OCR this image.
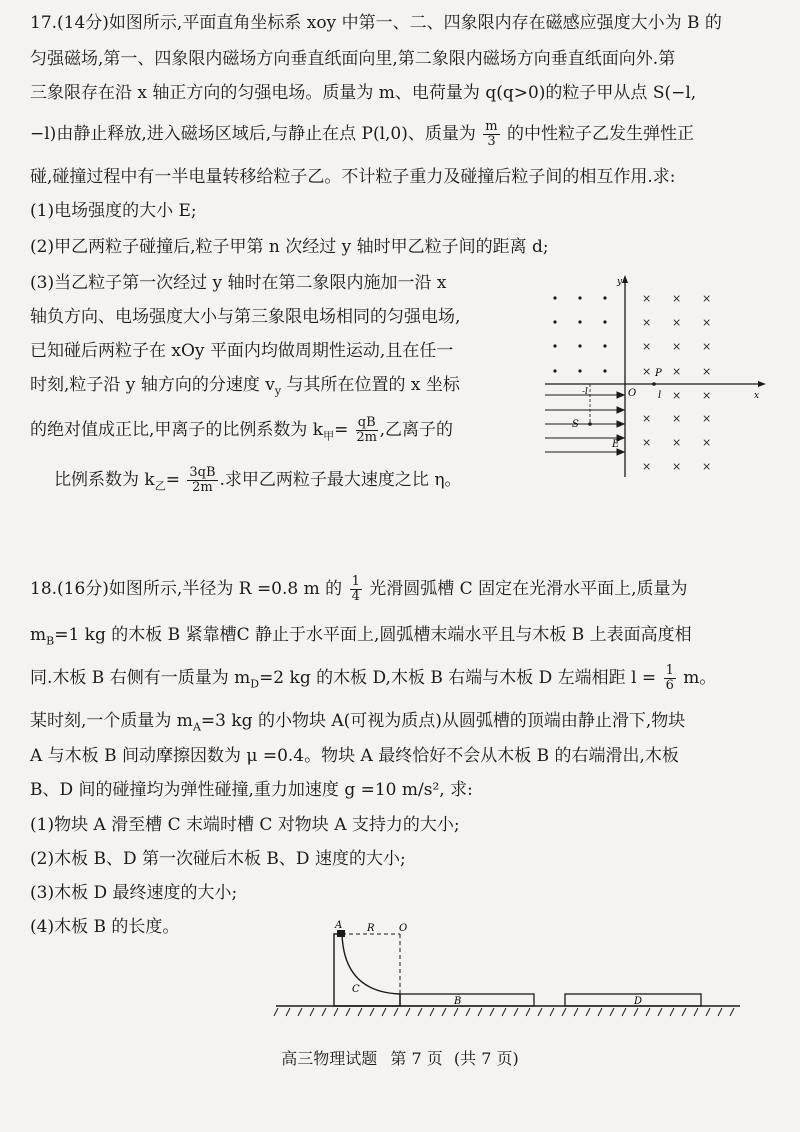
17.(14分)如图所示,平面直角坐标系 xoy 中第一、二、四象限内存在磁感应强度大小为 B 的
匀强磁场,第一、四象限内磁场方向垂直纸面向里,第二象限内磁场方向垂直纸面向外.第
三象限存在沿 x 轴正方向的匀强电场。质量为 m、电荷量为 q(q>0)的粒子甲从点 S(−l,
−l)由静止释放,进入磁场区域后,与静止在点 P(l,0)、质量为 $\frac{m}{3}$ 的中性粒子乙发生弹性正
碰,碰撞过程中有一半电量转移给粒子乙。不计粒子重力及碰撞后粒子间的相互作用.求:
(1)电场强度的大小 E;
(2)甲乙两粒子碰撞后,粒子甲第 n 次经过 y 轴时甲乙粒子间的距离 d;
(3)当乙粒子第一次经过 y 轴时在第二象限内施加一沿 x
轴负方向、电场强度大小与第三象限电场相同的匀强电场,
已知碰后两粒子在 xOy 平面内均做周期性运动,且在任一
时刻,粒子沿 y 轴方向的分速度 $v_y$ 与其所在位置的 x 坐标
的绝对值成正比,甲离子的比例系数为 $k_甲= \frac{qB}{2m}$ ,乙离子的
比例系数为 $k_乙= \frac{3qB}{2m}$ .求甲乙两粒子最大速度之比 η。
y
x
× × ×
× × ×
× × ×
× × ×
× × ×
× × ×
× × ×
× ×
O
P
l
-l
S
E
18.(16分)如图所示,半径为 R =0.8 m 的 $\frac{1}{4}$ 光滑圆弧槽 C 固定在光滑水平面上,质量为
$m_B=1$ kg 的木板 B 紧靠槽C 静止于水平面上,圆弧槽末端水平且与木板 B 上表面高度相
同.木板 B 右侧有一质量为 $m_D=2$ kg 的木板 D,木板 B 右端与木板 D 左端相距 $l = \frac{1}{6}$ m。
某时刻,一个质量为 $m_A=3$ kg 的小物块 A(可视为质点)从圆弧槽的顶端由静止滑下,物块
A 与木板 B 间动摩擦因数为 μ =0.4。物块 A 最终恰好不会从木板 B 的右端滑出,木板
B、D 间的碰撞均为弹性碰撞,重力加速度 g =10 m/s², 求:
(1)物块 A 滑至槽 C 末端时槽 C 对物块 A 支持力的大小;
(2)木板 B、D 第一次碰后木板 B、D 速度的大小;
(3)木板 D 最终速度的大小;
(4)木板 B 的长度。	A R O
C
B	D
高三物理试题 第 7 页 (共 7 页)
